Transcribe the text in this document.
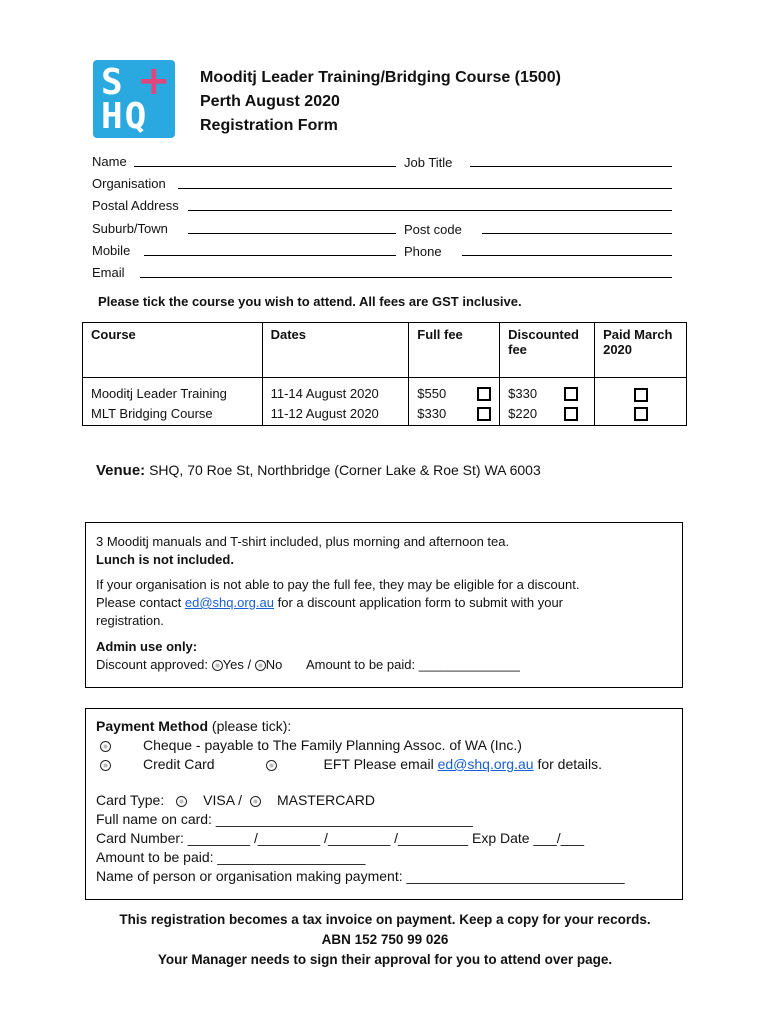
S +
HQ
Mooditj Leader Training/Bridging Course (1500)
Perth August 2020
Registration Form
Name	Job Title
Organisation
Postal Address
Suburb/Town	Post code
Mobile	Phone
Email
Please tick the course you wish to attend. All fees are GST inclusive.
Course	Dates	Full fee	Discounted fee	Paid March 2020
Mooditj Leader Training	11-14 August 2020	$550	$330

MLT Bridging Course	11-12 August 2020	$330	$220

Venue: SHQ, 70 Roe St, Northbridge (Corner Lake & Roe St) WA 6003

3 Mooditj manuals and T-shirt included, plus morning and afternoon tea.

Lunch is not included.

If your organisation is not able to pay the full fee, they may be eligible for a discount.

Please contact ed@shq.org.au for a discount application form to submit with your

registration.

Admin use only:

Discount approved: Yes / No Amount to be paid: ______________

Payment Method (please tick):

Cheque - payable to The Family Planning Assoc. of WA (Inc.)

Credit Card	EFT Please email ed@shq.org.au for details.

Card Type:	VISA / MASTERCARD

Full name on card: _________________________________

Card Number: ________ /________ /________ /_________ Exp Date ___/___

Amount to be paid: ___________________

Name of person or organisation making payment: ____________________________

This registration becomes a tax invoice on payment. Keep a copy for your records.
ABN 152 750 99 026
Your Manager needs to sign their approval for you to attend over page.
